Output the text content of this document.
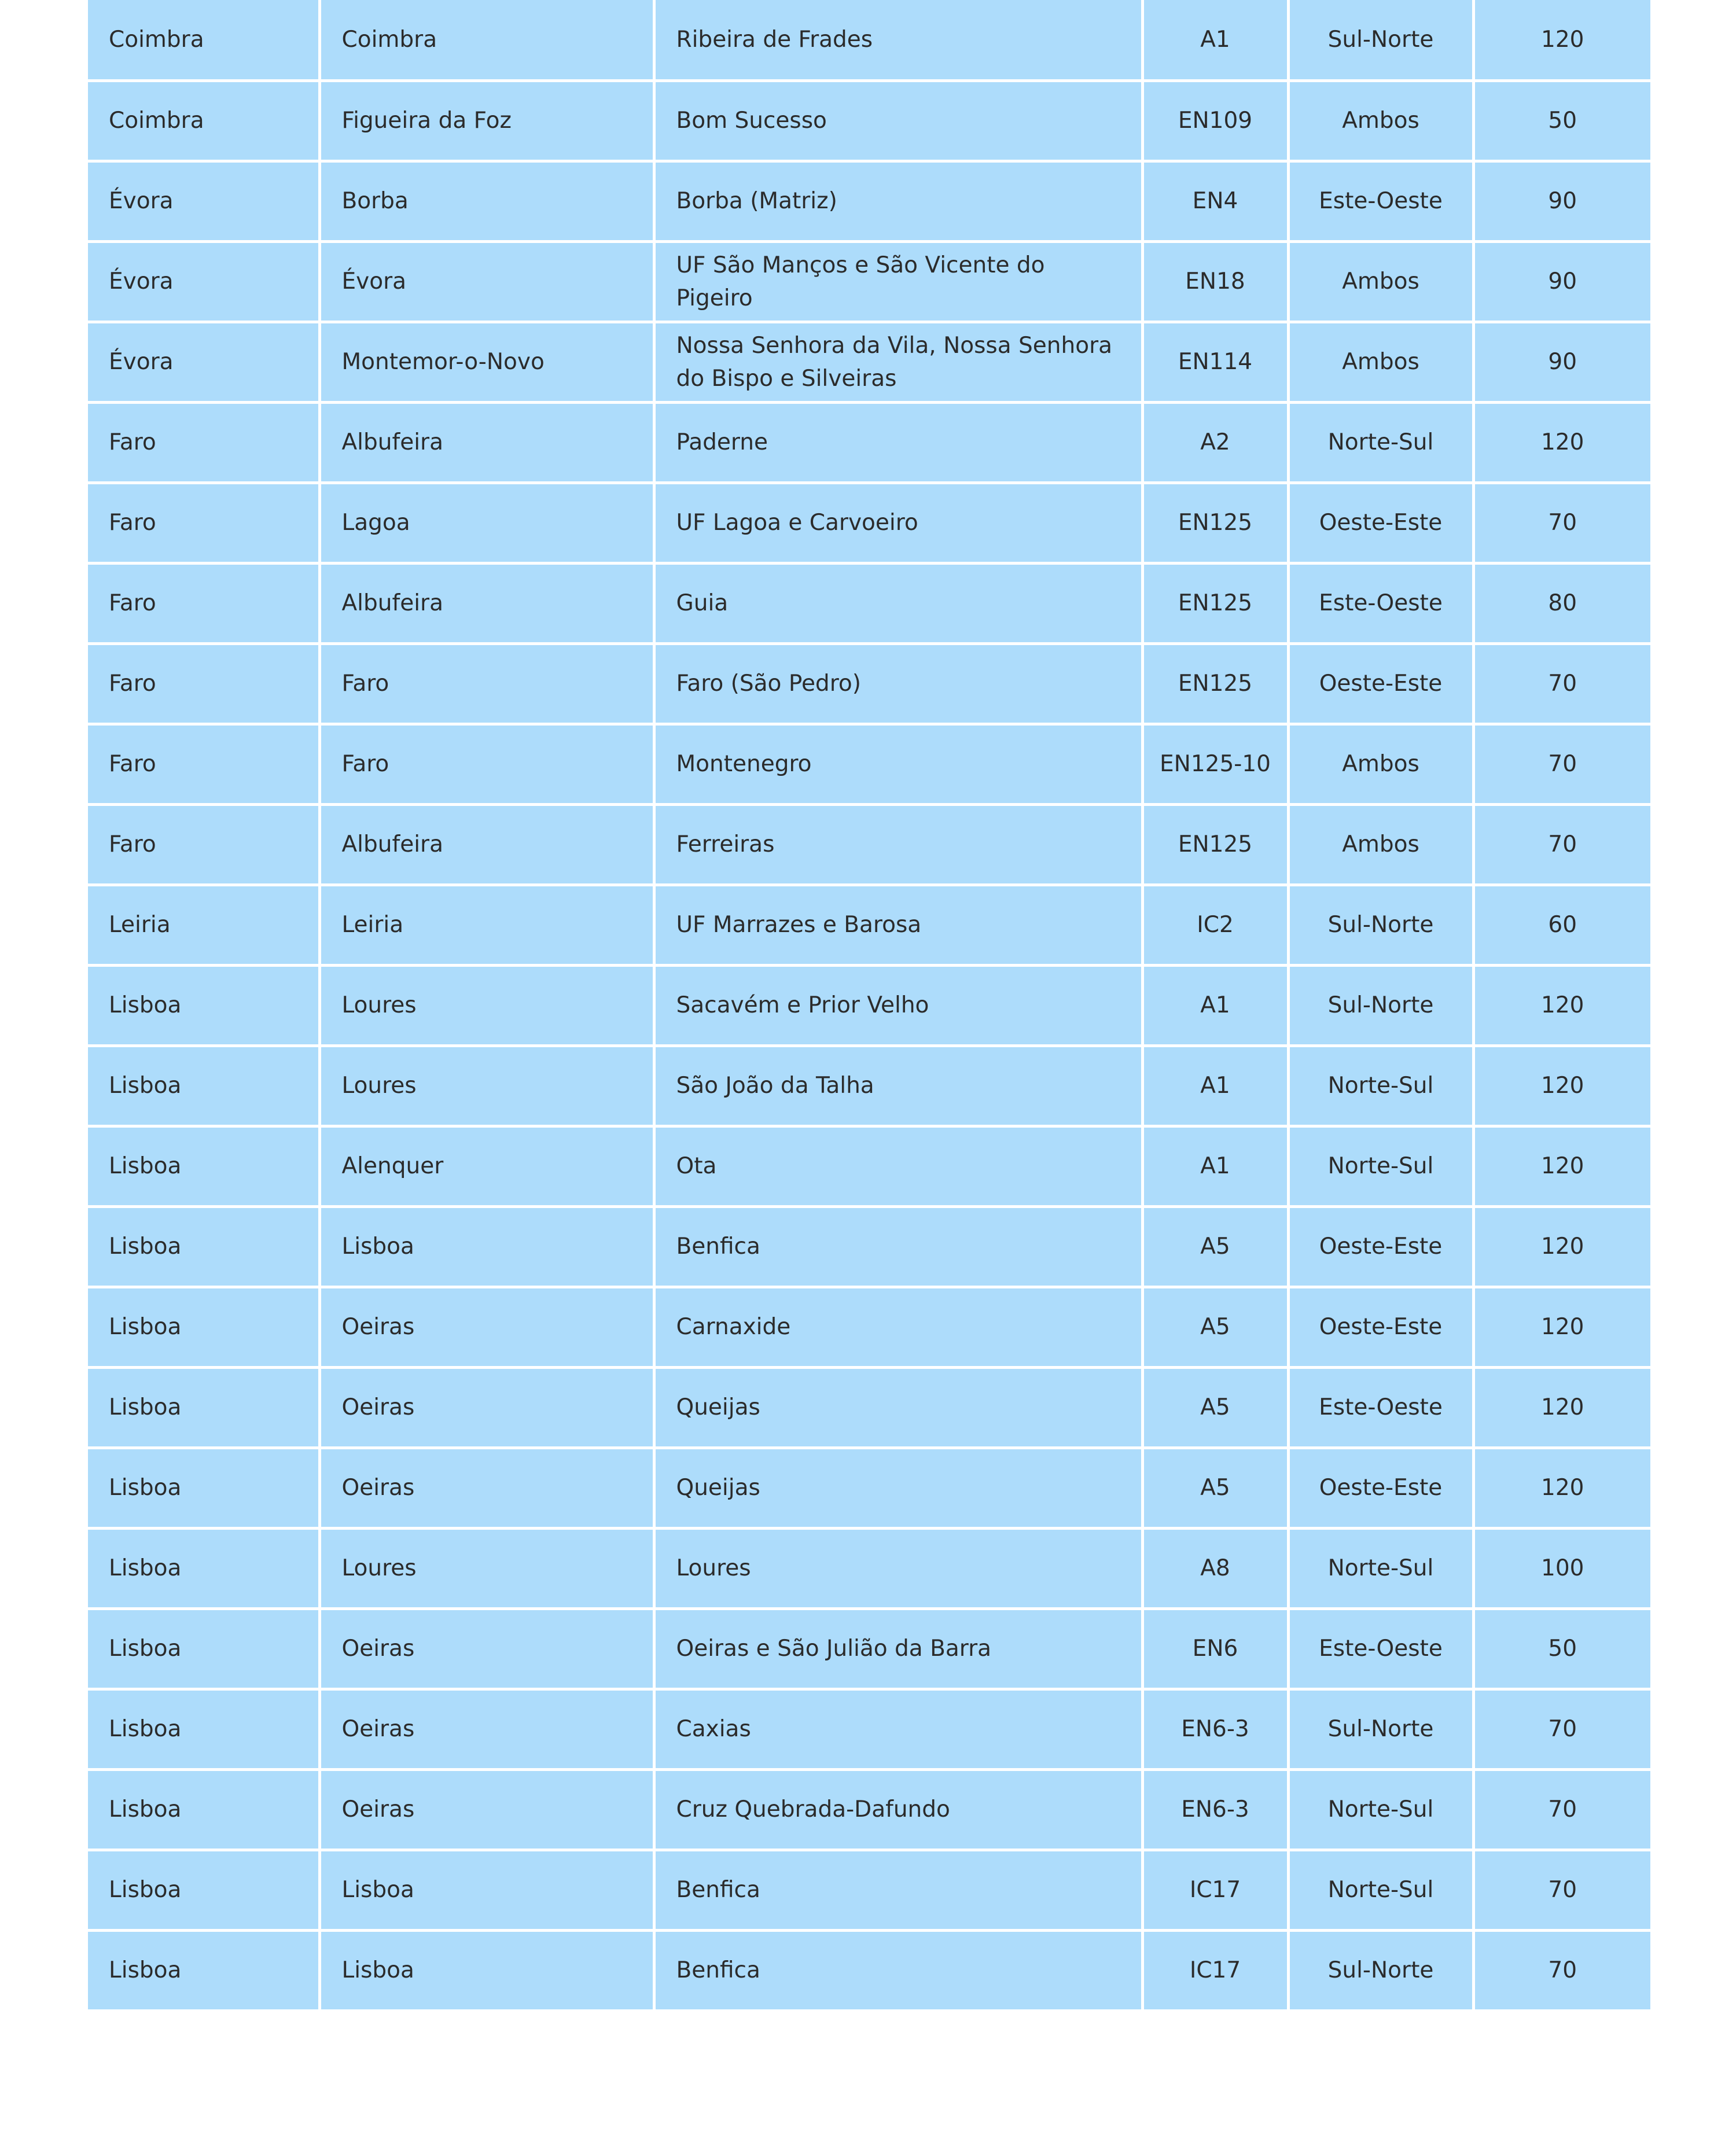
Coimbra	Coimbra	Ribeira de Frades	A1	Sul-Norte	120
Coimbra	Figueira da Foz	Bom Sucesso	EN109	Ambos	50
Évora	Borba	Borba (Matriz)	EN4	Este-Oeste	90
Évora	Évora	UF São Manços e São Vicente do Pigeiro	EN18	Ambos	90
Évora	Montemor-o-Novo	Nossa Senhora da Vila, Nossa Senhora do Bispo e Silveiras	EN114	Ambos	90
Faro	Albufeira	Paderne	A2	Norte-Sul	120
Faro	Lagoa	UF Lagoa e Carvoeiro	EN125	Oeste-Este	70
Faro	Albufeira	Guia	EN125	Este-Oeste	80
Faro	Faro	Faro (São Pedro)	EN125	Oeste-Este	70
Faro	Faro	Montenegro	EN125-10	Ambos	70
Faro	Albufeira	Ferreiras	EN125	Ambos	70
Leiria	Leiria	UF Marrazes e Barosa	IC2	Sul-Norte	60
Lisboa	Loures	Sacavém e Prior Velho	A1	Sul-Norte	120
Lisboa	Loures	São João da Talha	A1	Norte-Sul	120
Lisboa	Alenquer	Ota	A1	Norte-Sul	120
Lisboa	Lisboa	Benfica	A5	Oeste-Este	120
Lisboa	Oeiras	Carnaxide	A5	Oeste-Este	120
Lisboa	Oeiras	Queijas	A5	Este-Oeste	120
Lisboa	Oeiras	Queijas	A5	Oeste-Este	120
Lisboa	Loures	Loures	A8	Norte-Sul	100
Lisboa	Oeiras	Oeiras e São Julião da Barra	EN6	Este-Oeste	50
Lisboa	Oeiras	Caxias	EN6-3	Sul-Norte	70
Lisboa	Oeiras	Cruz Quebrada-Dafundo	EN6-3	Norte-Sul	70
Lisboa	Lisboa	Benfica	IC17	Norte-Sul	70
Lisboa	Lisboa	Benfica	IC17	Sul-Norte	70
